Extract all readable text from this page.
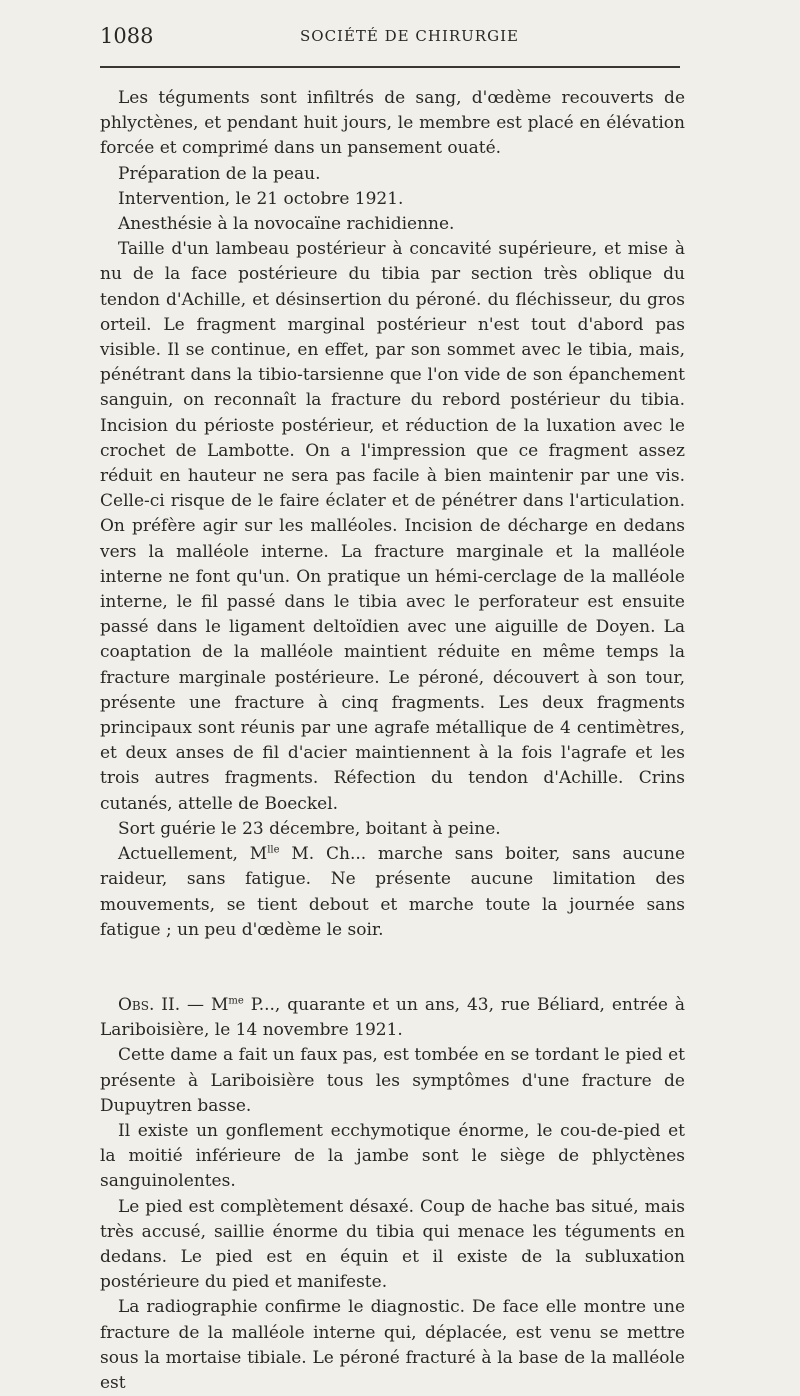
1088	SOCIÉTÉ DE CHIRURGIE

Les téguments sont infiltrés de sang, d'œdème recouverts de phlyctènes, et pendant huit jours, le membre est placé en élévation forcée et comprimé dans un pansement ouaté.

Préparation de la peau.

Intervention, le 21 octobre 1921.

Anesthésie à la novocaïne rachidienne.

Taille d'un lambeau postérieur à concavité supérieure, et mise à nu de la face postérieure du tibia par section très oblique du tendon d'Achille, et désinsertion du péroné. du fléchisseur, du gros orteil. Le fragment marginal postérieur n'est tout d'abord pas visible. Il se continue, en effet, par son sommet avec le tibia, mais, pénétrant dans la tibio-tarsienne que l'on vide de son épanchement sanguin, on reconnaît la fracture du rebord postérieur du tibia. Incision du périoste postérieur, et réduction de la luxation avec le crochet de Lambotte. On a l'impression que ce fragment assez réduit en hauteur ne sera pas facile à bien maintenir par une vis. Celle-ci risque de le faire éclater et de pénétrer dans l'articulation. On préfère agir sur les malléoles. Incision de décharge en dedans vers la malléole interne. La fracture marginale et la malléole interne ne font qu'un. On pratique un hémi-cerclage de la malléole interne, le fil passé dans le tibia avec le perforateur est ensuite passé dans le ligament deltoïdien avec une aiguille de Doyen. La coaptation de la malléole maintient réduite en même temps la fracture marginale postérieure. Le péroné, découvert à son tour, présente une fracture à cinq fragments. Les deux fragments principaux sont réunis par une agrafe métallique de 4 centimètres, et deux anses de fil d'acier maintiennent à la fois l'agrafe et les trois autres fragments. Réfection du tendon d'Achille. Crins cutanés, attelle de Boeckel.

Sort guérie le 23 décembre, boitant à peine.

Actuellement, $M^{lle}$ M. Ch... marche sans boiter, sans aucune raideur, sans fatigue. Ne présente aucune limitation des mouvements, se tient debout et marche toute la journée sans fatigue ; un peu d'œdème le soir.

Obs. II. — $M^{me}$ P..., quarante et un ans, 43, rue Béliard, entrée à Lariboisière, le 14 novembre 1921.

Cette dame a fait un faux pas, est tombée en se tordant le pied et présente à Lariboisière tous les symptômes d'une fracture de Dupuytren basse.

Il existe un gonflement ecchymotique énorme, le cou-de-pied et la moitié inférieure de la jambe sont le siège de phlyctènes sanguinolentes.

Le pied est complètement désaxé. Coup de hache bas situé, mais très accusé, saillie énorme du tibia qui menace les téguments en dedans. Le pied est en équin et il existe de la subluxation postérieure du pied et manifeste.

La radiographie confirme le diagnostic. De face elle montre une fracture de la malléole interne qui, déplacée, est venu se mettre sous la mortaise tibiale. Le péroné fracturé à la base de la malléole est
